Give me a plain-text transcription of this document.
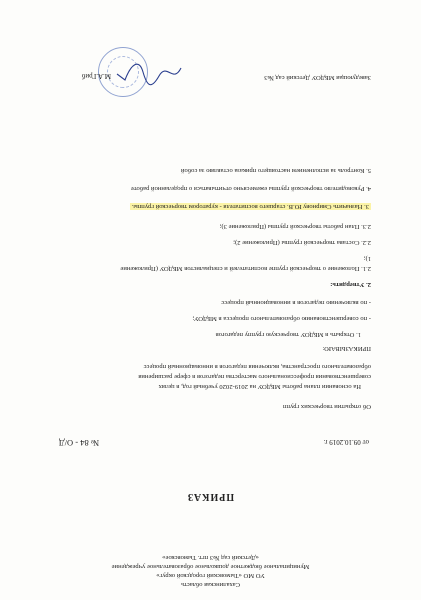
Сахалинская область
УО МО «Тымовский городской округ»
Муниципальное бюджетное дошкольное образовательное учреждение
«Детский сад №3 пгт. Тымовское»
ПРИКАЗ
от 09.10.2019 г.
№ 84 - О/Д
Об открытии творческих групп
На основании плана работы МБДОУ на 2019-2020 учебный год, в целях
совершенствования профессионального мастерства педагогов в сфере расширения
образовательного пространства, включения педагогов в инновационный процесс
ПРИКАЗЫВАЮ:
1. Открыть в МБДОУ творческую группу педагогов
- по совершенствованию образовательного процесса в МБДОУ;
- по включению педагогов в инновационный процесс
2. Утвердить:
2.1. Положение о творческой группе воспитателей и специалистов МБДОУ (Приложение
1);
2.2. Состава творческой группы (Приложение 2);
2.3. План работы творческой группы (Приложение 3);
3. Назначить Смирнову Ю.В. старшего воспитателя - куратором творческой группы.
4. Руководителю творческой группы ежемесячно отчитываться о проделанной работе
5. Контроль за исполнением настоящего приказа оставляю за собой
Заведующая МБДОУ Детский сад №3
М.А.Гриб
